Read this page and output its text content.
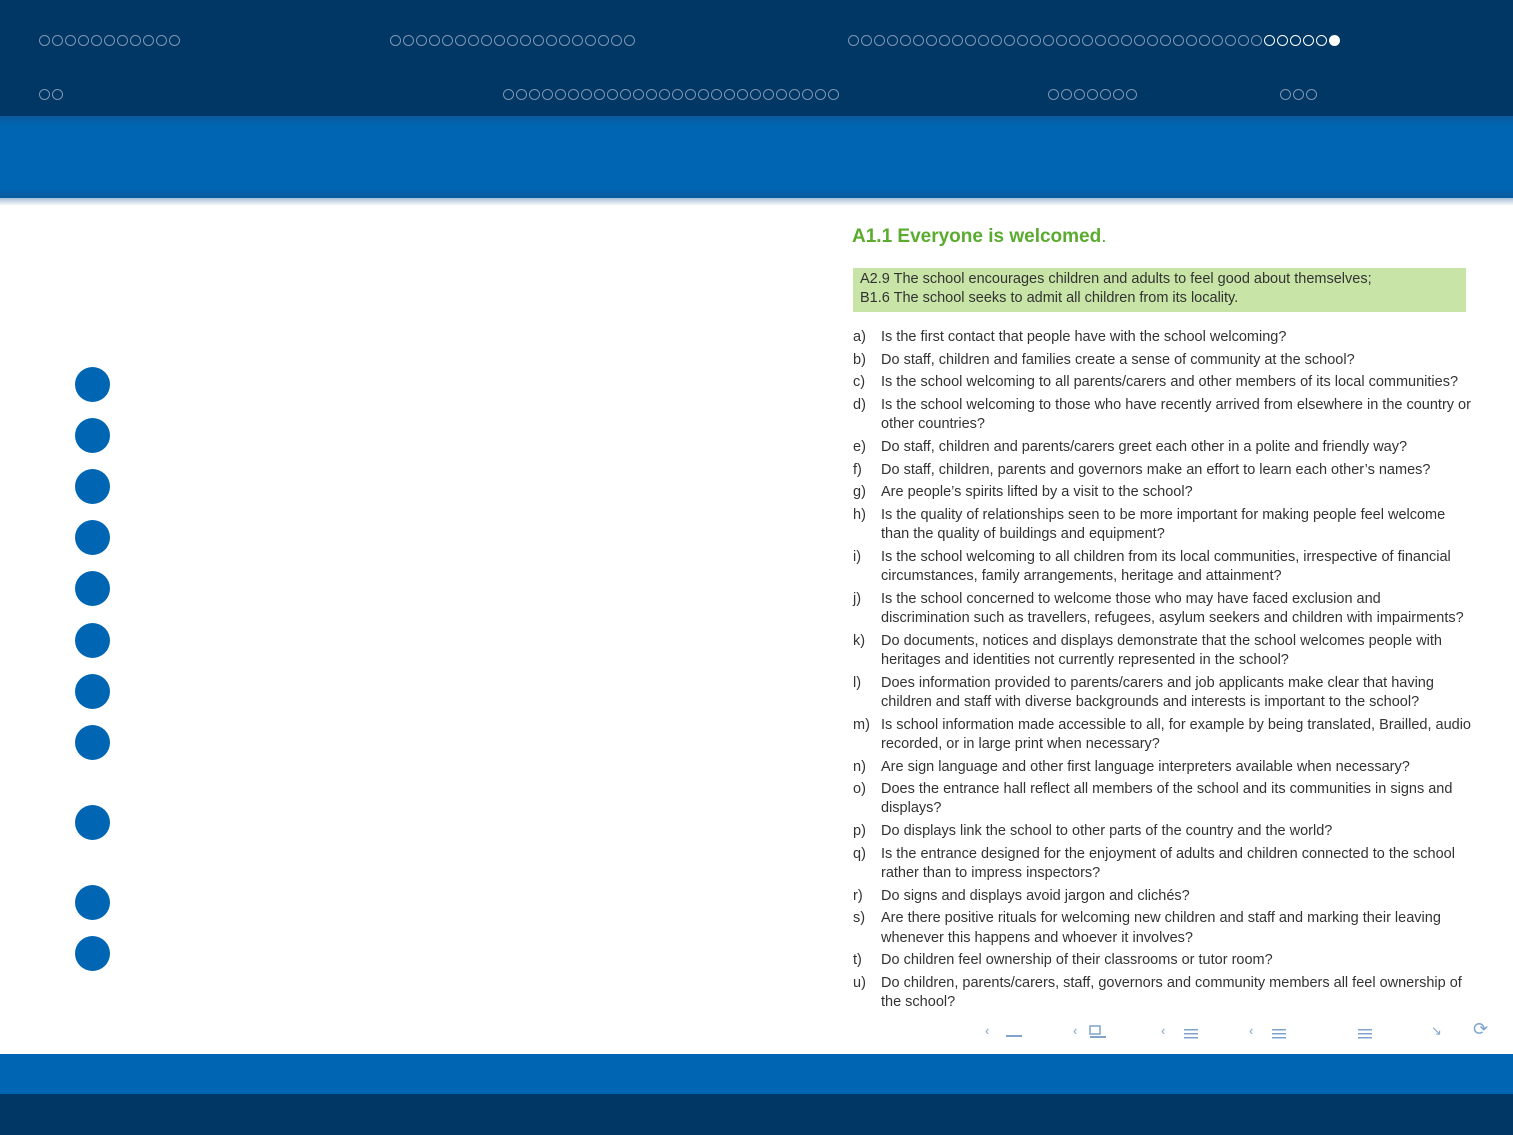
A1.1 Everyone is welcomed.
A2.9 The school encourages children and adults to feel good about themselves;
B1.6 The school seeks to admit all children from its locality.
a) Is the first contact that people have with the school welcoming?
b) Do staff, children and families create a sense of community at the school?
c) Is the school welcoming to all parents/carers and other members of its local communities?
d) Is the school welcoming to those who have recently arrived from elsewhere in the country or other countries?
e) Do staff, children and parents/carers greet each other in a polite and friendly way?
f) Do staff, children, parents and governors make an effort to learn each other’s names?
g) Are people’s spirits lifted by a visit to the school?
h) Is the quality of relationships seen to be more important for making people feel welcome than the quality of buildings and equipment?
i) Is the school welcoming to all children from its local communities, irrespective of financial circumstances, family arrangements, heritage and attainment?
j) Is the school concerned to welcome those who may have faced exclusion and discrimination such as travellers, refugees, asylum seekers and children with impairments?
k) Do documents, notices and displays demonstrate that the school welcomes people with heritages and identities not currently represented in the school?
l) Does information provided to parents/carers and job applicants make clear that having children and staff with diverse backgrounds and interests is important to the school?
m) Is school information made accessible to all, for example by being translated, Brailled, audio recorded, or in large print when necessary?
n) Are sign language and other first language interpreters available when necessary?
o) Does the entrance hall reflect all members of the school and its communities in signs and displays?
p) Do displays link the school to other parts of the country and the world?
q) Is the entrance designed for the enjoyment of adults and children connected to the school rather than to impress inspectors?
r) Do signs and displays avoid jargon and clichés?
s) Are there positive rituals for welcoming new children and staff and marking their leaving whenever this happens and whoever it involves?
t) Do children feel ownership of their classrooms or tutor room?
u) Do children, parents/carers, staff, governors and community members all feel ownership of the school?
‹	‹	‹	‹	↘ ⟳
